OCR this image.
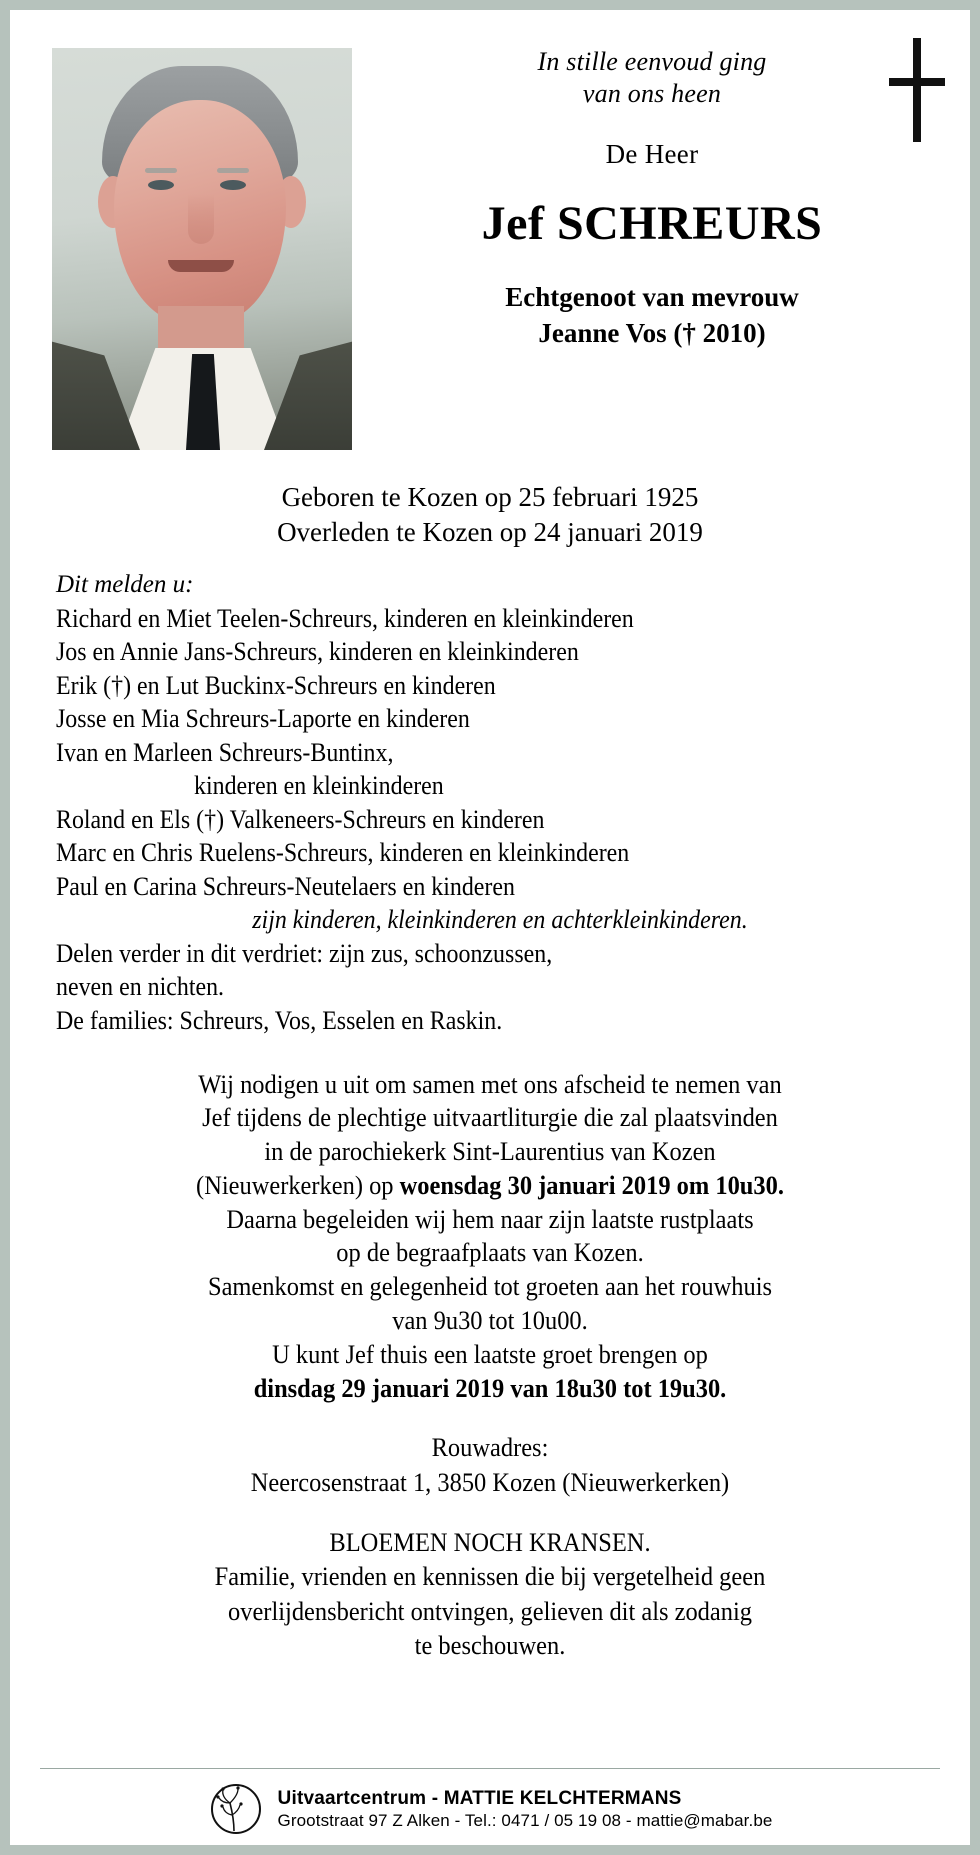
In stille eenvoud ging
van ons heen
De Heer
Jef SCHREURS
Echtgenoot van mevrouw
Jeanne Vos († 2010)
Geboren te Kozen op 25 februari 1925
Overleden te Kozen op 24 januari 2019
Dit melden u:
Richard en Miet Teelen-Schreurs, kinderen en kleinkinderen
Jos en Annie Jans-Schreurs, kinderen en kleinkinderen
Erik (†) en Lut Buckinx-Schreurs en kinderen
Josse en Mia Schreurs-Laporte en kinderen
Ivan en Marleen Schreurs-Buntinx,
kinderen en kleinkinderen
Roland en Els (†) Valkeneers-Schreurs en kinderen
Marc en Chris Ruelens-Schreurs, kinderen en kleinkinderen
Paul en Carina Schreurs-Neutelaers en kinderen
zijn kinderen, kleinkinderen en achterkleinkinderen.
Delen verder in dit verdriet: zijn zus, schoonzussen,
neven en nichten.
De families: Schreurs, Vos, Esselen en Raskin.
Wij nodigen u uit om samen met ons afscheid te nemen van
Jef tijdens de plechtige uitvaartliturgie die zal plaatsvinden
in de parochiekerk Sint-Laurentius van Kozen
(Nieuwerkerken) op woensdag 30 januari 2019 om 10u30.
Daarna begeleiden wij hem naar zijn laatste rustplaats
op de begraafplaats van Kozen.
Samenkomst en gelegenheid tot groeten aan het rouwhuis
van 9u30 tot 10u00.
U kunt Jef thuis een laatste groet brengen op
dinsdag 29 januari 2019 van 18u30 tot 19u30.
Rouwadres:
Neercosenstraat 1, 3850 Kozen (Nieuwerkerken)
BLOEMEN NOCH KRANSEN.
Familie, vrienden en kennissen die bij vergetelheid geen
overlijdensbericht ontvingen, gelieven dit als zodanig
te beschouwen.
Uitvaartcentrum - MATTIE KELCHTERMANS
Grootstraat 97 Z Alken - Tel.: 0471 / 05 19 08 - mattie@mabar.be
